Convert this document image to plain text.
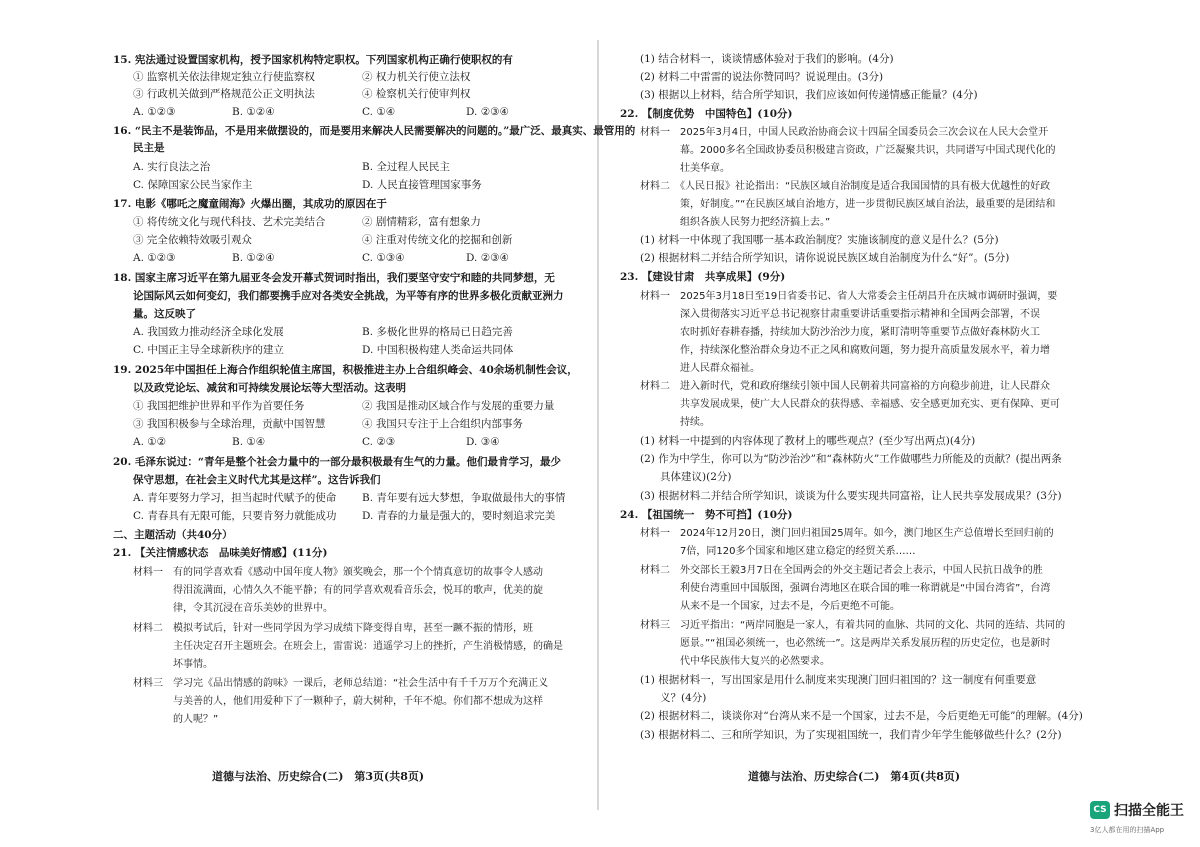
15. 宪法通过设置国家机构，授予国家机构特定职权。下列国家机构正确行使职权的有
① 监察机关依法律规定独立行使监察权	② 权力机关行使立法权
③ 行政机关做到严格规范公正文明执法	④ 检察机关行使审判权
A. ①②③	B. ①②④	C. ①④	D. ②③④
16. “民主不是装饰品，不是用来做摆设的，而是要用来解决人民需要解决的问题的。”最广泛、最真实、最管用的
民主是
A. 实行良法之治	B. 全过程人民民主
C. 保障国家公民当家作主	D. 人民直接管理国家事务
17. 电影《哪吒之魔童闹海》火爆出圈，其成功的原因在于
① 将传统文化与现代科技、艺术完美结合	② 剧情精彩，富有想象力
③ 完全依赖特效吸引观众	④ 注重对传统文化的挖掘和创新
A. ①②③	B. ①②④	C. ①③④	D. ②③④
18. 国家主席习近平在第九届亚冬会发开幕式贺词时指出，我们要坚守安宁和睦的共同梦想，无
论国际风云如何变幻，我们都要携手应对各类安全挑战，为平等有序的世界多极化贡献亚洲力
量。这反映了
A. 我国致力推动经济全球化发展	B. 多极化世界的格局已日趋完善
C. 中国正主导全球新秩序的建立	D. 中国积极构建人类命运共同体
19. 2025年中国担任上海合作组织轮值主席国，积极推进主办上合组织峰会、40余场机制性会议，
以及政党论坛、减贫和可持续发展论坛等大型活动。这表明
① 我国把维护世界和平作为首要任务	② 我国是推动区域合作与发展的重要力量
③ 我国积极参与全球治理，贡献中国智慧	④ 我国只专注于上合组织内部事务
A. ①②	B. ①④	C. ②③	D. ③④
20. 毛泽东说过：“青年是整个社会力量中的一部分最积极最有生气的力量。他们最肯学习，最少
保守思想，在社会主义时代尤其是这样”。这告诉我们
A. 青年要努力学习，担当起时代赋予的使命 B. 青年要有远大梦想，争取做最伟大的事情
C. 青春具有无限可能，只要肯努力就能成功 D. 青春的力量是强大的，要时刻追求完美
二、主题活动（共40分）
21. 【关注情感状态　品味美好情感】(11分)
材料一　有的同学喜欢看《感动中国年度人物》颁奖晚会，那一个个情真意切的故事令人感动
得泪流满面，心情久久不能平静；有的同学喜欢观看音乐会，悦耳的歌声，优美的旋
律，令其沉浸在音乐美妙的世界中。
材料二　模拟考试后，针对一些同学因为学习成绩下降变得自卑，甚至一蹶不振的情形，班
主任决定召开主题班会。在班会上，雷雷说：逍遥学习上的挫折，产生消极情感，的确是
坏事情。
材料三　学习完《品出情感的韵味》一课后，老师总结道：“社会生活中有千千万万个充满正义
与美善的人，他们用爱种下了一颗种子，蔚大树种，千年不熄。你们都不想成为这样
的人呢？”
道德与法治、历史综合(二)　第3页(共8页)
(1) 结合材料一，谈谈情感体验对于我们的影响。(4分)
(2) 材料二中雷雷的说法你赞同吗？说说理由。(3分)
(3) 根据以上材料，结合所学知识，我们应该如何传递情感正能量？(4分)
22. 【制度优势　中国特色】(10分)
材料一　2025年3月4日，中国人民政治协商会议十四届全国委员会三次会议在人民大会堂开
幕。2000多名全国政协委员积极建言资政，广泛凝聚共识，共同谱写中国式现代化的
壮美华章。
材料二　《人民日报》社论指出：“民族区域自治制度是适合我国国情的具有极大优越性的好政
策，好制度。”“在民族区域自治地方，进一步贯彻民族区域自治法，最重要的是团结和
组织各族人民努力把经济搞上去。”
(1) 材料一中体现了我国哪一基本政治制度？实施该制度的意义是什么？(5分)
(2) 根据材料二并结合所学知识，请你说说民族区域自治制度为什么“好”。(5分)
23. 【建设甘肃　共享成果】(9分)
材料一　2025年3月18日至19日省委书记、省人大常委会主任胡昌升在庆城市调研时强调，要
深入贯彻落实习近平总书记视察甘肃重要讲话重要指示精神和全国两会部署，不误
农时抓好春耕春播，持续加大防沙治沙力度，紧盯清明等重要节点做好森林防火工
作，持续深化整治群众身边不正之风和腐败问题，努力提升高质量发展水平，着力增
进人民群众福祉。
材料二　进入新时代，党和政府继续引领中国人民朝着共同富裕的方向稳步前进，让人民群众
共享发展成果，使广大人民群众的获得感、幸福感、安全感更加充实、更有保障、更可
持续。
(1) 材料一中提到的内容体现了教材上的哪些观点？(至少写出两点)(4分)
(2) 作为中学生，你可以为“防沙治沙”和“森林防火”工作做哪些力所能及的贡献？(提出两条
具体建议)(2分)
(3) 根据材料二并结合所学知识，谈谈为什么要实现共同富裕，让人民共享发展成果？(3分)
24. 【祖国统一　势不可挡】(10分)
材料一　2024年12月20日，澳门回归祖国25周年。如今，澳门地区生产总值增长至回归前的
7倍，同120多个国家和地区建立稳定的经贸关系……
材料二　外交部长王毅3月7日在全国两会的外交主题记者会上表示，中国人民抗日战争的胜
利使台湾重回中国版图，强调台湾地区在联合国的唯一称谓就是“中国台湾省”，台湾
从来不是一个国家，过去不是，今后更绝不可能。
材料三　习近平指出：“两岸同胞是一家人，有着共同的血脉、共同的文化、共同的连结、共同的
愿景。”“祖国必须统一，也必然统一”。这是两岸关系发展历程的历史定位，也是新时
代中华民族伟大复兴的必然要求。
(1) 根据材料一，写出国家是用什么制度来实现澳门回归祖国的？这一制度有何重要意
义？(4分)
(2) 根据材料二，谈谈你对“台湾从来不是一个国家，过去不是，今后更绝无可能”的理解。(4分)
(3) 根据材料二、三和所学知识，为了实现祖国统一，我们青少年学生能够做些什么？(2分)
道德与法治、历史综合(二)　第4页(共8页)
CS 扫描全能王
3亿人都在用的扫描App
